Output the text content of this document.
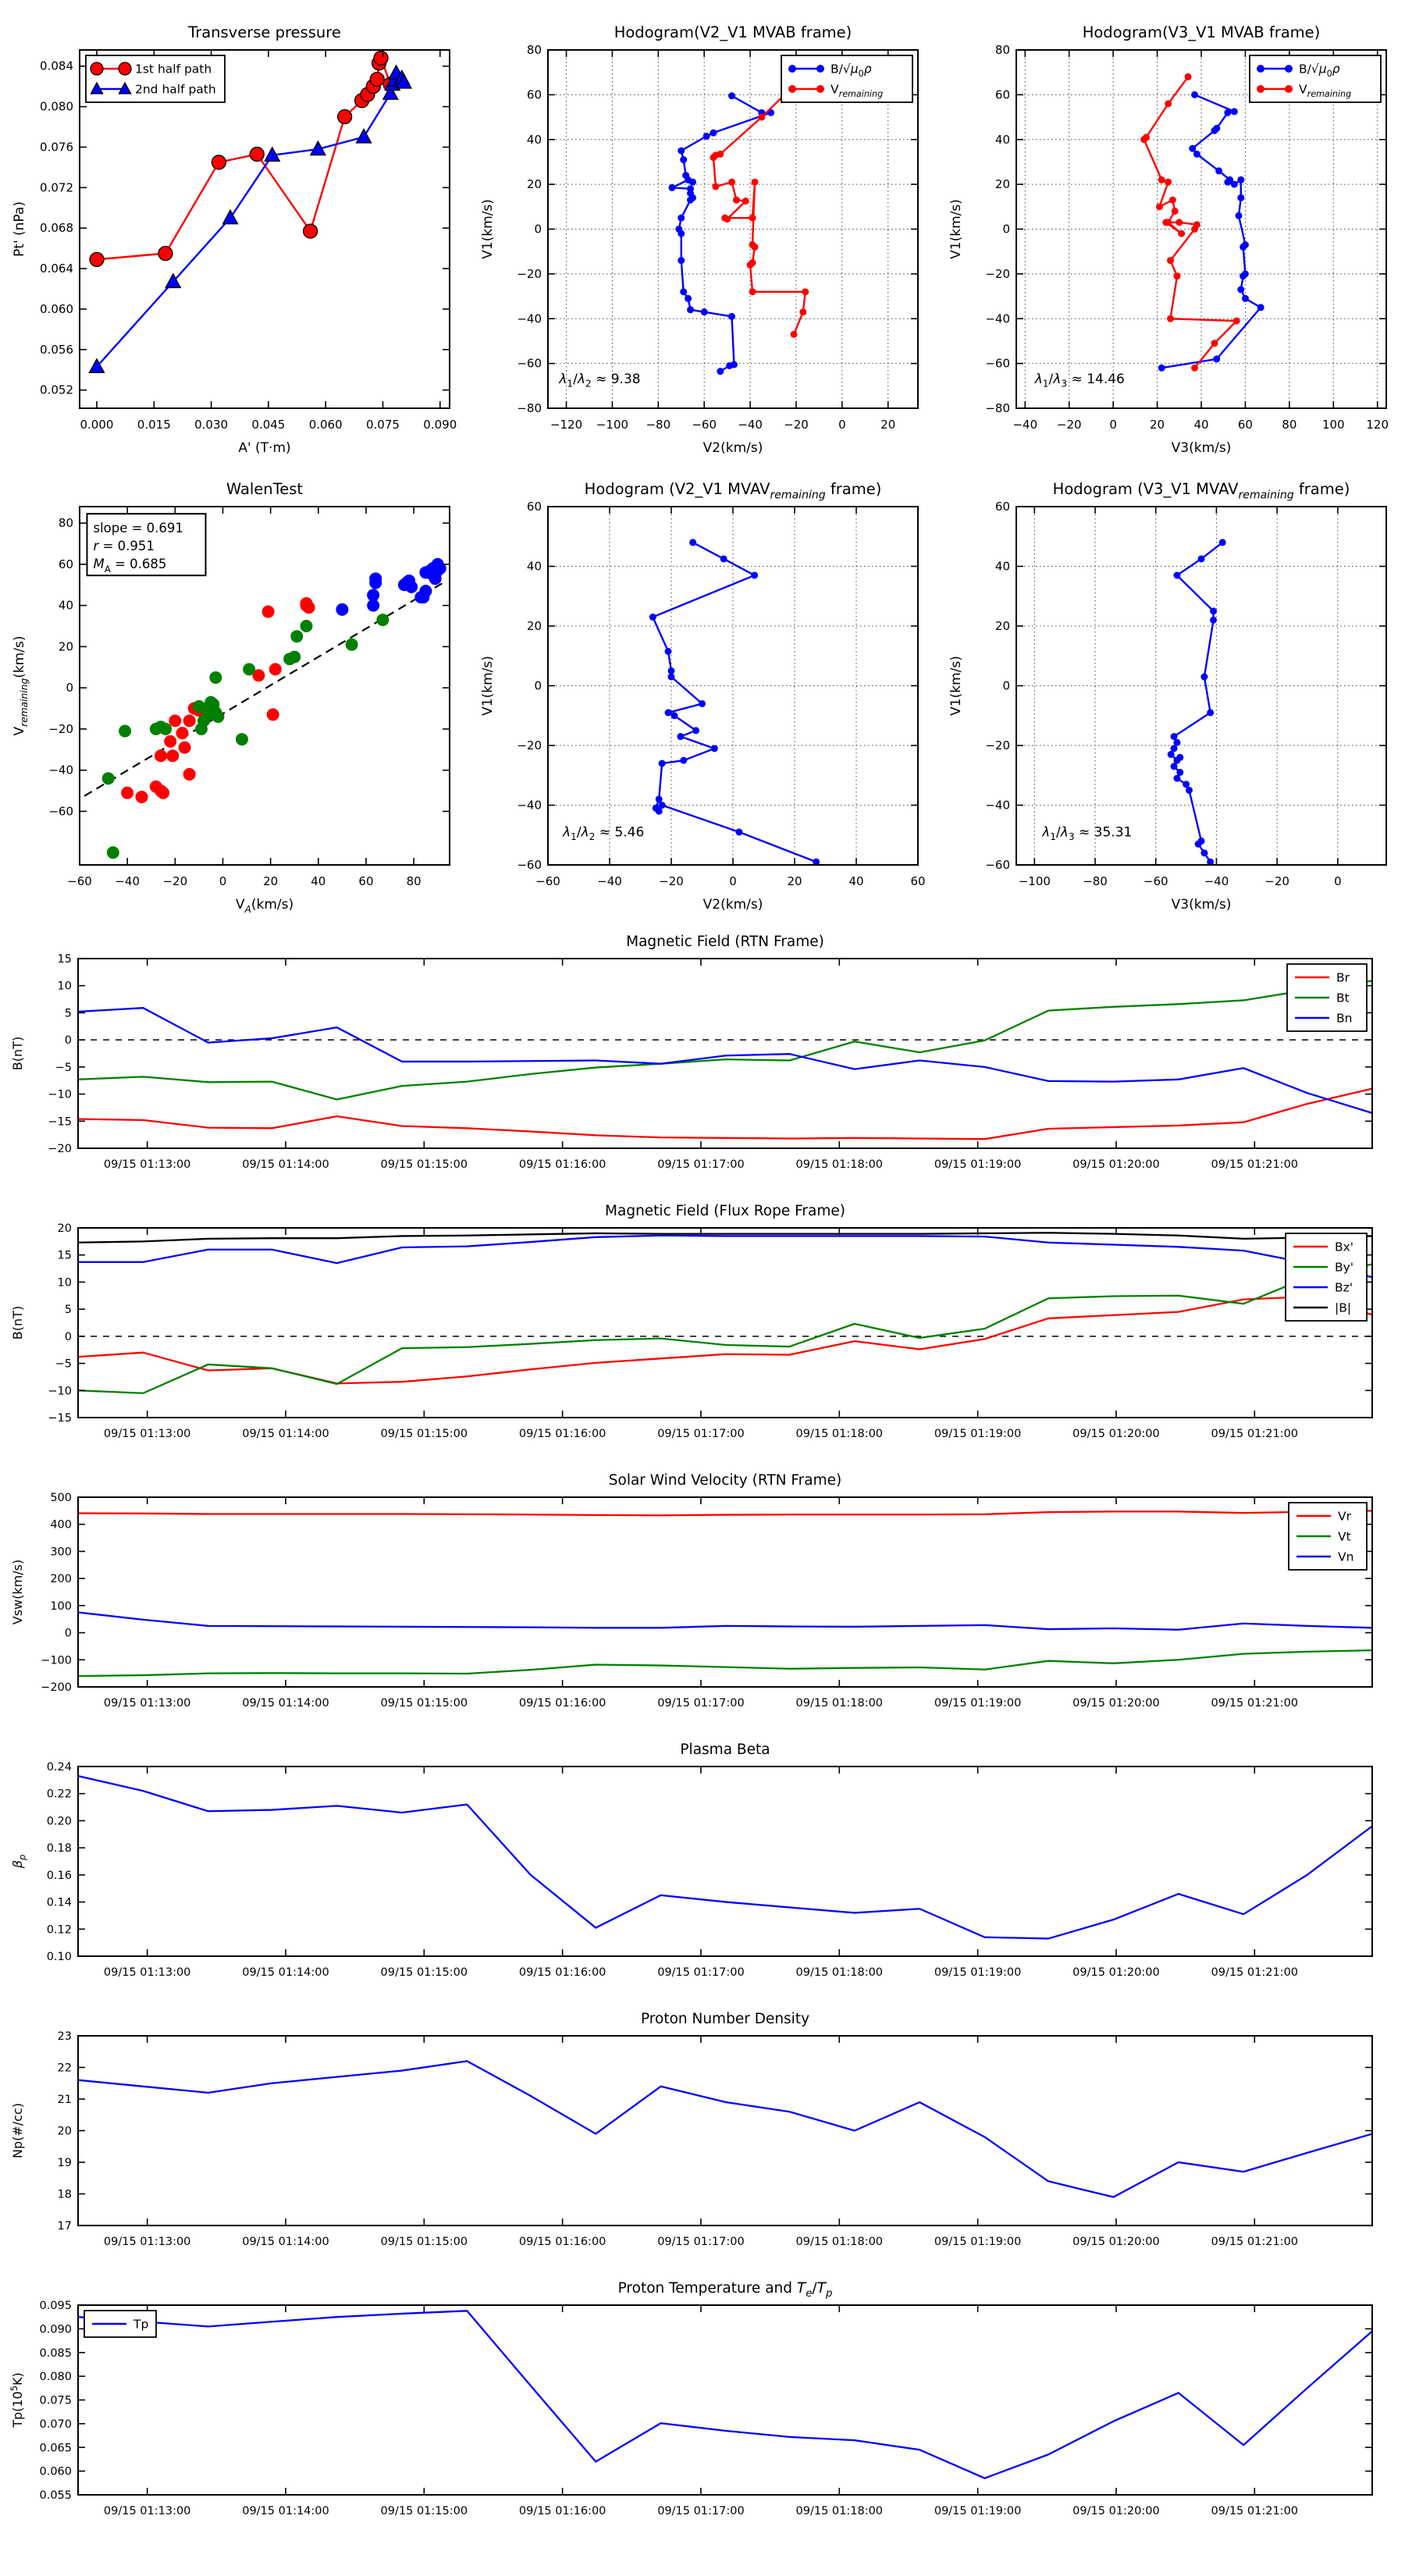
0.000 0.015 0.030 0.045 0.060 0.075 0.090
0.052
0.056
0.060
0.064
0.068
0.072
0.076
0.080
0.084
Transverse pressure
A' (T·m)
Pt' (nPa)
1st half path
2nd half path
−120 −100 −80 −60 −40 −20	0	20
−80
−60
−40
−20
0
20
40
60
80
Hodogram(V2_V1 MVAB frame)
V2(km/s)
V1(km/s)
$B/√\mu_0\rho$
$V_{remaining}$
$\lambda_1/\lambda_2 \approx 9.38$
−40 −20 0	20 40 60 80 100 120
−80
−60
−40
−20
0
20
40
60
80
Hodogram(V3_V1 MVAB frame)
V3(km/s)
V1(km/s)
$B/√\mu_0\rho$
$V_{remaining}$
$\lambda_1/\lambda_3 \approx 14.46$
−60 −40 −20	0	20	40	60	80
−60
−40
−20
0
20
40
60
80
WalenTest
$V_A(km/s)$
$V_{remaining}(km/s)$
slope = 0.691
r = 0.951
$M_A = 0.685$
−60	−40	−20	0	20	40	60
−60
−40
−20
0
20
40
60
Hodogram (V2_V1 $MVAV_{remaining}$ frame)
V2(km/s)
V1(km/s)
$\lambda_1/\lambda_2 \approx 5.46$
−100	−80	−60	−40	−20	0
−60
−40
−20
0
20
40
60
Hodogram (V3_V1 $MVAV_{remaining}$ frame)
V3(km/s)
V1(km/s)
$\lambda_1/\lambda_3 \approx 35.31$
09/15 01:13:00	09/15 01:14:00	09/15 01:15:00	09/15 01:16:00	09/15 01:17:00	09/15 01:18:00	09/15 01:19:00	09/15 01:20:00	09/15 01:21:00
−20
−15
−10
−5
0
5
10
15
Magnetic Field (RTN Frame)
B(nT)
Br
Bt
Bn
09/15 01:13:00	09/15 01:14:00	09/15 01:15:00	09/15 01:16:00	09/15 01:17:00	09/15 01:18:00	09/15 01:19:00	09/15 01:20:00	09/15 01:21:00
−15
−10
−5
0
5
10
15
20
Magnetic Field (Flux Rope Frame)
B(nT)
Bx'
By'
Bz'
|B|
09/15 01:13:00	09/15 01:14:00	09/15 01:15:00	09/15 01:16:00	09/15 01:17:00	09/15 01:18:00	09/15 01:19:00	09/15 01:20:00	09/15 01:21:00
−200
−100
0
100
200
300
400
500
Solar Wind Velocity (RTN Frame)
Vsw(km/s)
Vr
Vt
Vn
09/15 01:13:00	09/15 01:14:00	09/15 01:15:00	09/15 01:16:00	09/15 01:17:00	09/15 01:18:00	09/15 01:19:00	09/15 01:20:00	09/15 01:21:00
0.10
0.12
0.14
0.16
0.18
0.20
0.22
0.24
Plasma Beta
$\beta_p$
09/15 01:13:00	09/15 01:14:00	09/15 01:15:00	09/15 01:16:00	09/15 01:17:00	09/15 01:18:00	09/15 01:19:00	09/15 01:20:00	09/15 01:21:00
17
18
19
20
21
22
23
Proton Number Density
Np(#/cc)
09/15 01:13:00	09/15 01:14:00	09/15 01:15:00	09/15 01:16:00	09/15 01:17:00	09/15 01:18:00	09/15 01:19:00	09/15 01:20:00	09/15 01:21:00
0.055
0.060
0.065
0.070
0.075
0.080
0.085
0.090
0.095
Proton Temperature and $T_e/T_p$
$Tp(10^5K)$
Tp
